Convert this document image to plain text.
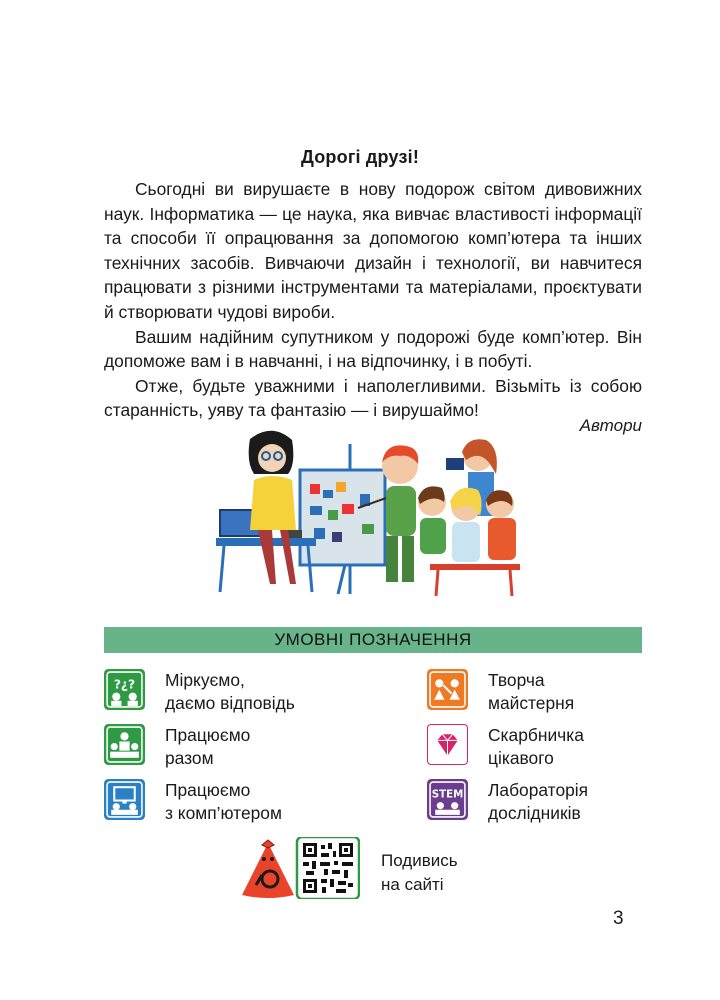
Дорогі друзі!

Сьогодні ви вирушаєте в нову подорож світом дивовижних наук. Інформатика — це наука, яка вивчає властивості інформації та способи її опрацювання за допомогою комп’ютера та інших технічних засобів. Вивчаючи дизайн і технології, ви навчитеся працювати з різними інструментами та матеріалами, проєктувати й створювати чудові вироби.

Вашим надійним супутником у подорожі буде комп’ютер. Він допоможе вам і в навчанні, і на відпочинку, і в побуті.

Отже, будьте уважними і наполегливими. Візьміть із собою старанність, уяву та фантазію — і вирушаймо!

Автори
УМОВНІ ПОЗНАЧЕННЯ
?¿? Міркуємо,
даємо відповідь
Творча
майстерня
Працюємо
разом
Скарбничка
цікавого
Працюємо
з комп’ютером
STEM Лабораторія
дослідників
Подивись
на сайті
3
